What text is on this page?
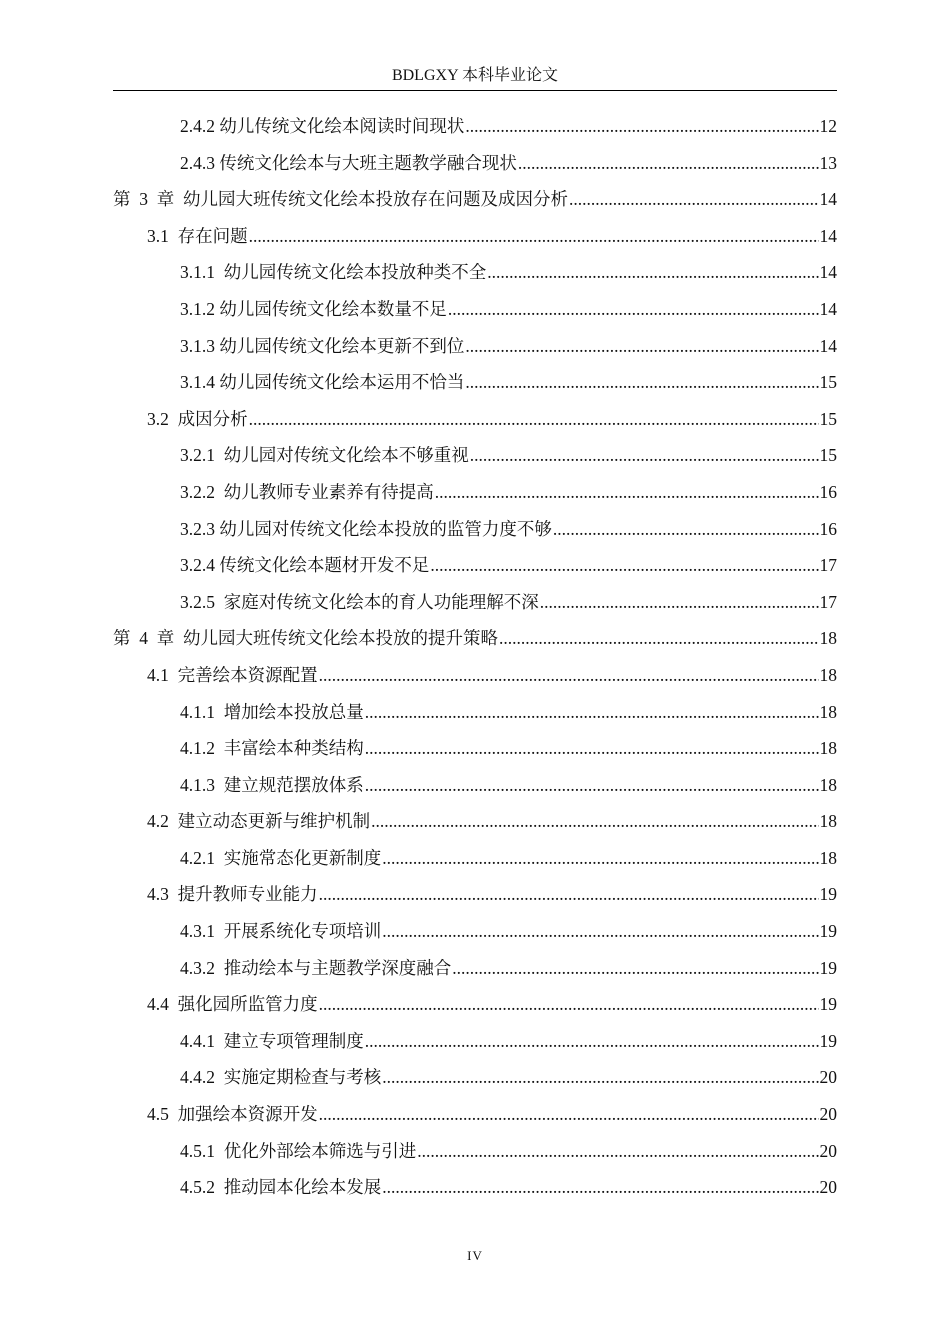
BDLGXY 本科毕业论文
2.4.2 幼儿传统文化绘本阅读时间现状 .....	12
2.4.3 传统文化绘本与大班主题教学融合现状 .....	13
第  3  章  幼儿园大班传统文化绘本投放存在问题及成因分析 .....	14
3.1  存在问题 .....	14
3.1.1  幼儿园传统文化绘本投放种类不全 .....	14
3.1.2 幼儿园传统文化绘本数量不足 .....	14
3.1.3 幼儿园传统文化绘本更新不到位 .....	14
3.1.4 幼儿园传统文化绘本运用不恰当 .....	15
3.2  成因分析 .....	15
3.2.1  幼儿园对传统文化绘本不够重视 .....	15
3.2.2  幼儿教师专业素养有待提高 .....	16
3.2.3 幼儿园对传统文化绘本投放的监管力度不够 .....	16
3.2.4 传统文化绘本题材开发不足 .....	17
3.2.5  家庭对传统文化绘本的育人功能理解不深 .....	17
第  4  章  幼儿园大班传统文化绘本投放的提升策略 .....	18
4.1  完善绘本资源配置 .....	18
4.1.1  增加绘本投放总量 .....	18
4.1.2  丰富绘本种类结构 .....	18
4.1.3  建立规范摆放体系 .....	18
4.2  建立动态更新与维护机制 .....	18
4.2.1  实施常态化更新制度 .....	18
4.3  提升教师专业能力 .....	19
4.3.1  开展系统化专项培训 .....	19
4.3.2  推动绘本与主题教学深度融合 .....	19
4.4  强化园所监管力度 .....	19
4.4.1  建立专项管理制度 .....	19
4.4.2  实施定期检查与考核 .....	20
4.5  加强绘本资源开发 .....	20
4.5.1  优化外部绘本筛选与引进 .....	20
4.5.2  推动园本化绘本发展 .....	20
IV
